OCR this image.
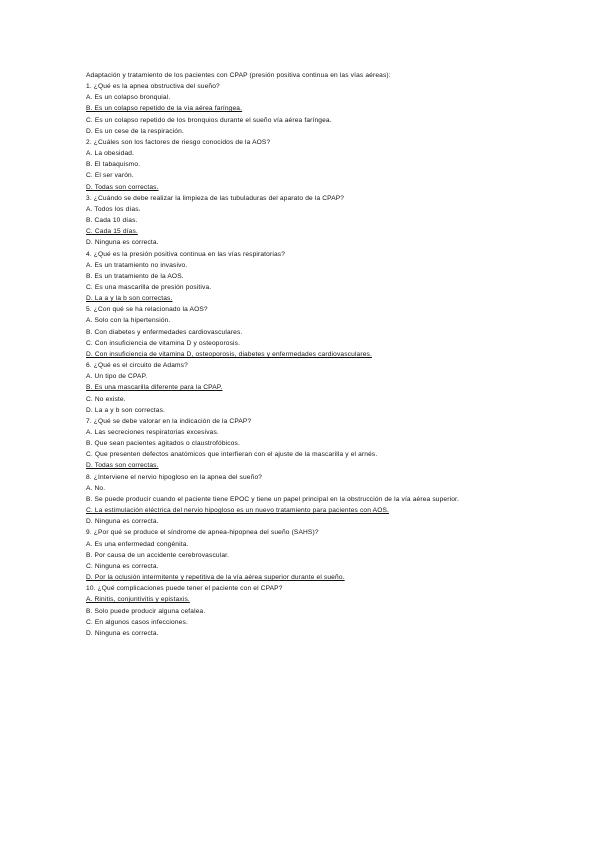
Adaptación y tratamiento de los pacientes con CPAP (presión positiva continua en las vías aéreas):
1. ¿Qué es la apnea obstructiva del sueño?
A. Es un colapso bronquial.
B. Es un colapso repetido de la vía aérea faríngea.
C. Es un colapso repetido de los bronquios durante el sueño vía aérea faríngea.
D. Es un cese de la respiración.
2. ¿Cuáles son los factores de riesgo conocidos de la AOS?
A. La obesidad.
B. El tabaquismo.
C. El ser varón.
D. Todas son correctas.
3. ¿Cuándo se debe realizar la limpieza de las tubuladuras del aparato de la CPAP?
A. Todos los días.
B. Cada 10 días.
C. Cada 15 días.
D. Ninguna es correcta.
4. ¿Qué es la presión positiva continua en las vías respiratorias?
A. Es un tratamiento no invasivo.
B. Es un tratamiento de la AOS.
C. Es una mascarilla de presión positiva.
D. La a y la b son correctas.
5. ¿Con qué se ha relacionado la AOS?
A. Solo con la hipertensión.
B. Con diabetes y enfermedades cardiovasculares.
C. Con insuficiencia de vitamina D y osteoporosis.
D. Con insuficiencia de vitamina D, osteoporosis, diabetes y enfermedades cardiovasculares.
6. ¿Qué es el circuito de Adams?
A. Un tipo de CPAP.
B. Es una mascarilla diferente para la CPAP.
C. No existe.
D. La a y b son correctas.
7. ¿Qué se debe valorar en la indicación de la CPAP?
A. Las secreciones respiratorias excesivas.
B. Que sean pacientes agitados o claustrofóbicos.
C. Que presenten defectos anatómicos que interfieran con el ajuste de la mascarilla y el arnés.
D. Todas son correctas.
8. ¿Interviene el nervio hipogloso en la apnea del sueño?
A. No.
B. Se puede producir cuando el paciente tiene EPOC y tiene un papel principal en la obstrucción de la vía aérea superior.
C. La estimulación eléctrica del nervio hipogloso es un nuevo tratamiento para pacientes con AOS.
D. Ninguna es correcta.
9. ¿Por qué se produce el síndrome de apnea-hipopnea del sueño (SAHS)?
A. Es una enfermedad congénita.
B. Por causa de un accidente cerebrovascular.
C. Ninguna es correcta.
D. Por la oclusión intermitente y repetitiva de la vía aérea superior durante el sueño.
10. ¿Qué complicaciones puede tener el paciente con el CPAP?
A. Rinitis, conjuntivitis y epistaxis.
B. Solo puede producir alguna cefalea.
C. En algunos casos infecciones.
D. Ninguna es correcta.
